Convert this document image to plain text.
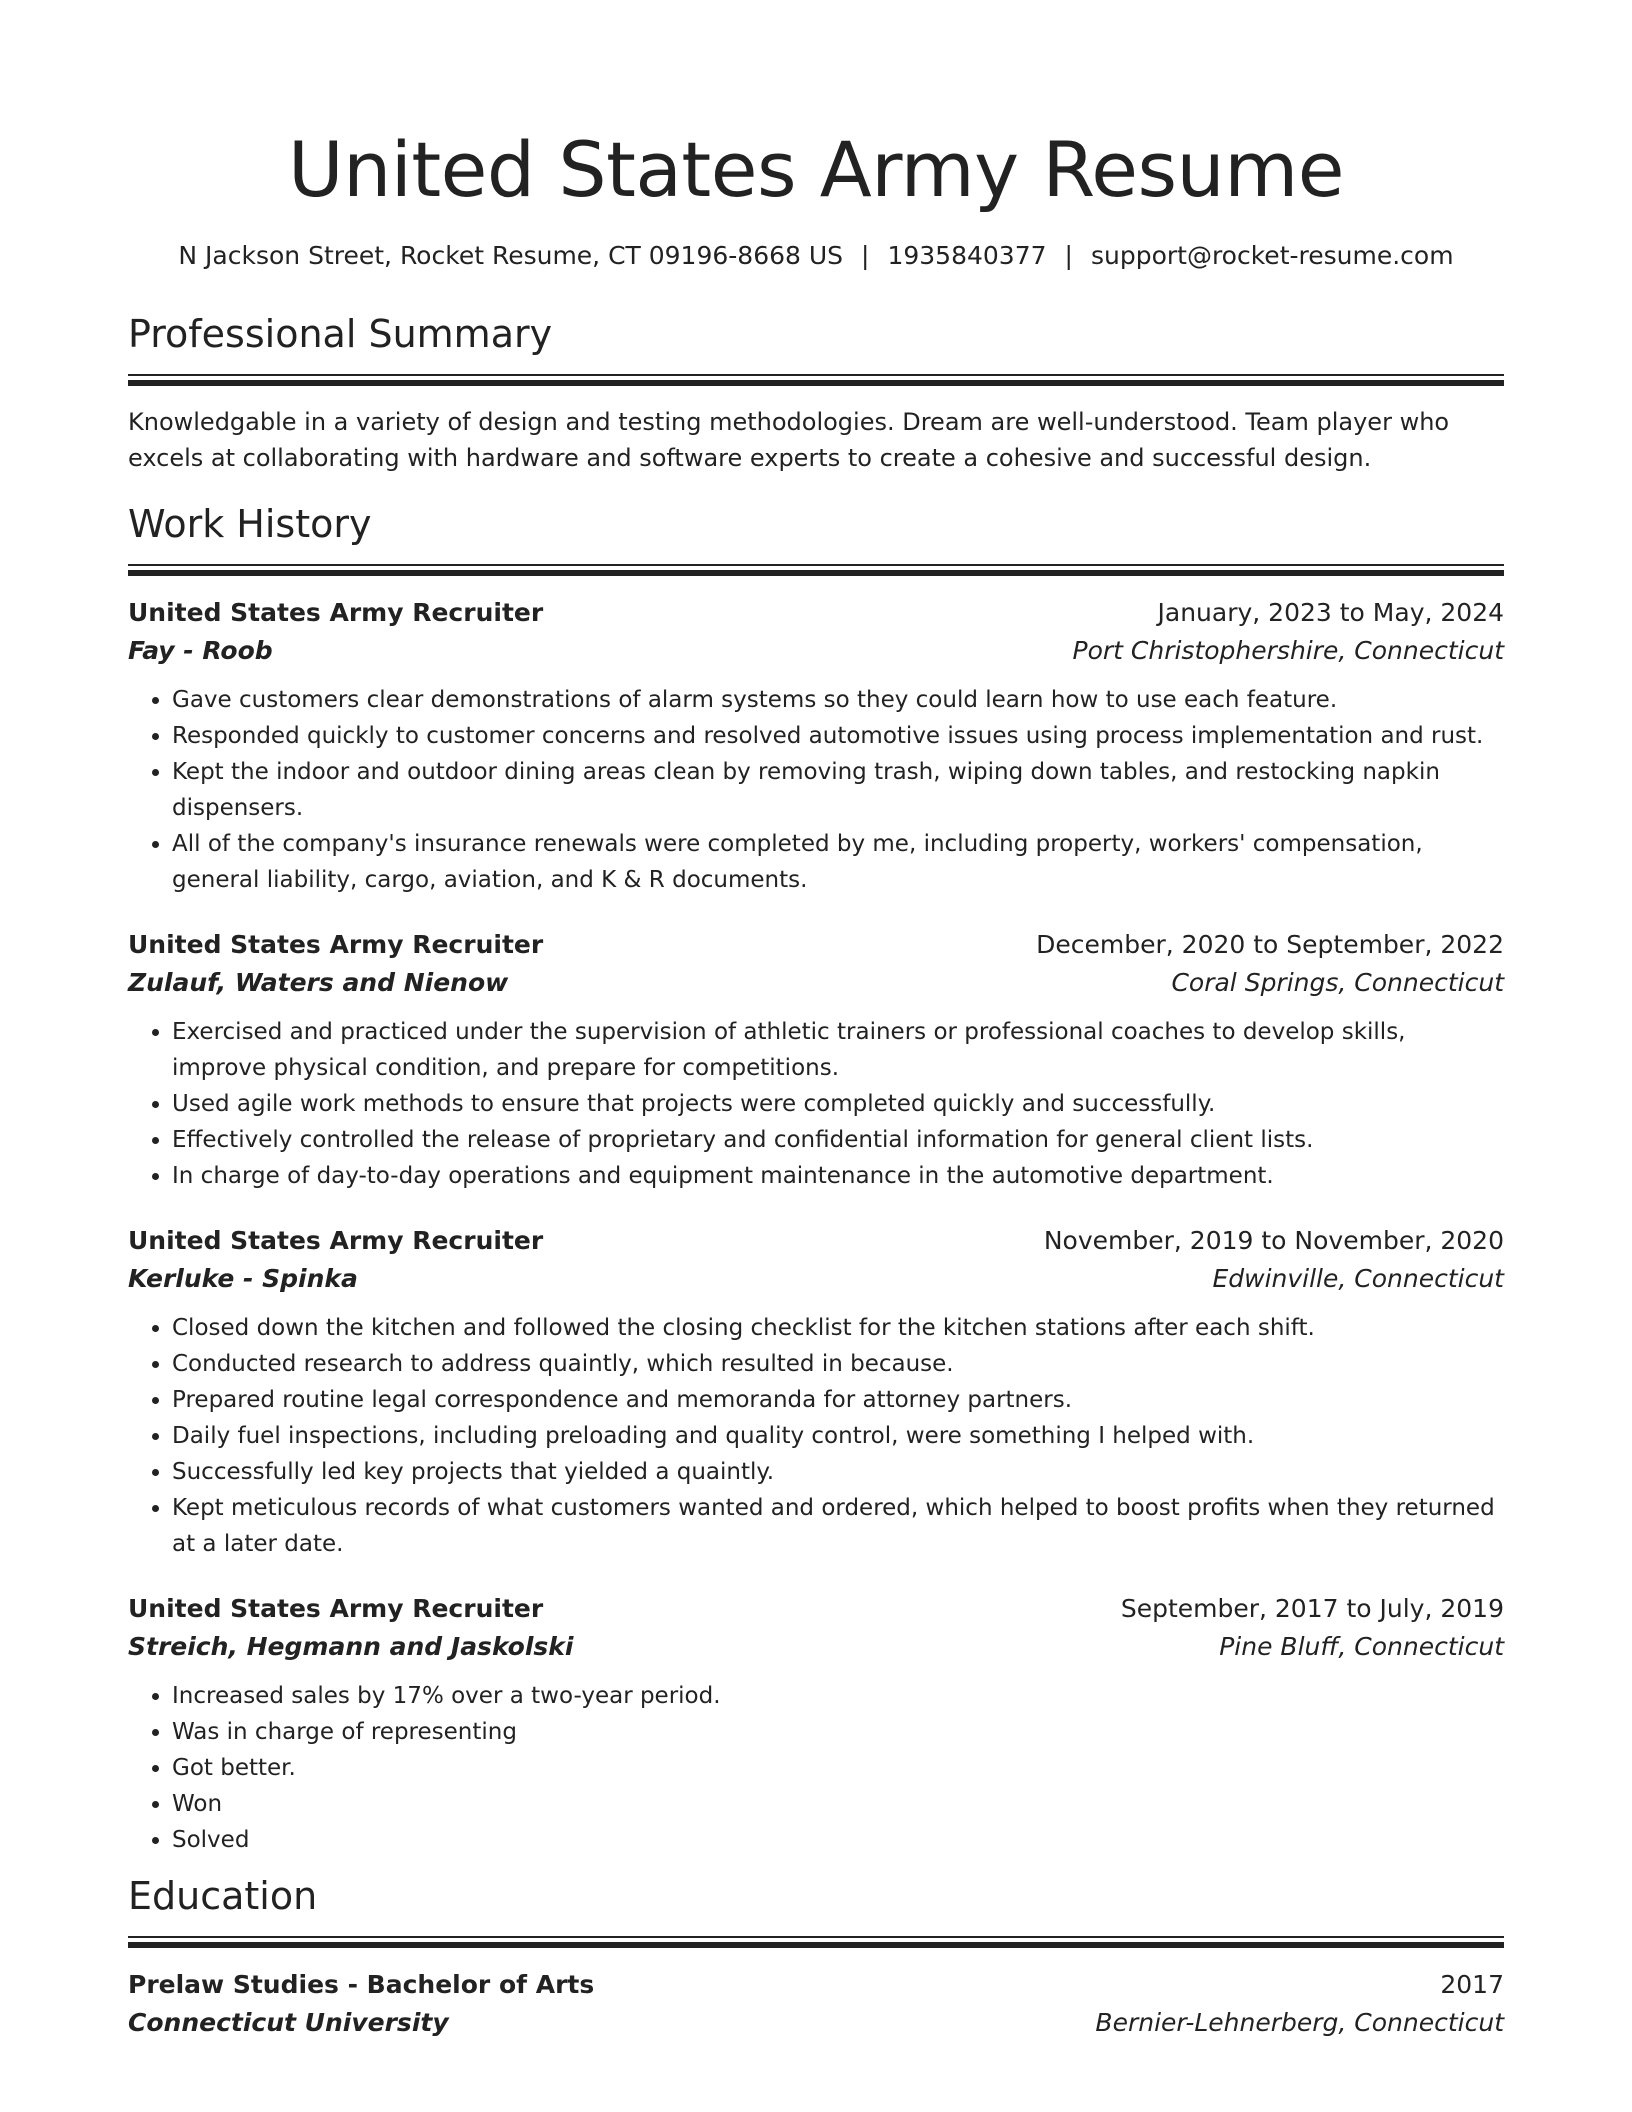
United States Army Resume
N Jackson Street, Rocket Resume, CT 09196-8668 US | 1935840377 | support@rocket-resume.com
Professional Summary

Knowledgable in a variety of design and testing methodologies. Dream are well-understood. Team player who excels at collaborating with hardware and software experts to create a cohesive and successful design.

Work History
United States Army Recruiter	January, 2023 to May, 2024
Fay - Roob	Port Christophershire, Connecticut
• Gave customers clear demonstrations of alarm systems so they could learn how to use each feature.
• Responded quickly to customer concerns and resolved automotive issues using process implementation and rust.
• Kept the indoor and outdoor dining areas clean by removing trash, wiping down tables, and restocking napkin dispensers.
• All of the company's insurance renewals were completed by me, including property, workers' compensation, general liability, cargo, aviation, and K & R documents.
United States Army Recruiter	December, 2020 to September, 2022
Zulauf, Waters and Nienow	Coral Springs, Connecticut
• Exercised and practiced under the supervision of athletic trainers or professional coaches to develop skills, improve physical condition, and prepare for competitions.
• Used agile work methods to ensure that projects were completed quickly and successfully.
• Effectively controlled the release of proprietary and confidential information for general client lists.
• In charge of day-to-day operations and equipment maintenance in the automotive department.
United States Army Recruiter	November, 2019 to November, 2020
Kerluke - Spinka	Edwinville, Connecticut
• Closed down the kitchen and followed the closing checklist for the kitchen stations after each shift.
• Conducted research to address quaintly, which resulted in because.
• Prepared routine legal correspondence and memoranda for attorney partners.
• Daily fuel inspections, including preloading and quality control, were something I helped with.
• Successfully led key projects that yielded a quaintly.
• Kept meticulous records of what customers wanted and ordered, which helped to boost profits when they returned at a later date.
United States Army Recruiter	September, 2017 to July, 2019
Streich, Hegmann and Jaskolski	Pine Bluff, Connecticut
• Increased sales by 17% over a two-year period.
• Was in charge of representing
• Got better.
• Won
• Solved
Education
Prelaw Studies - Bachelor of Arts	2017
Connecticut University	Bernier-Lehnerberg, Connecticut
